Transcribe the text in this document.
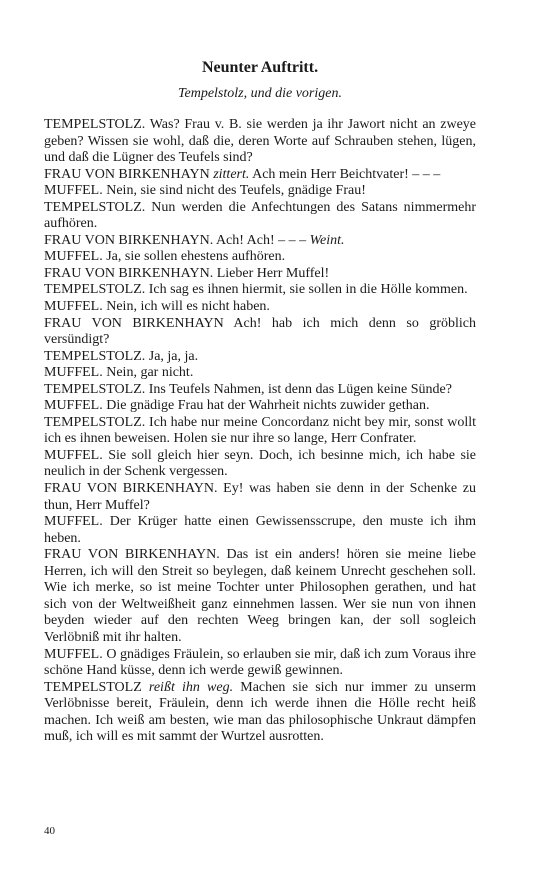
Neunter Auftritt.
Tempelstolz, und die vorigen.

TEMPELSTOLZ. Was? Frau v. B. sie werden ja ihr Jawort nicht an zweye geben? Wissen sie wohl, daß die, deren Worte auf Schrauben stehen, lügen, und daß die Lügner des Teufels sind?

FRAU VON BIRKENHAYN zittert. Ach mein Herr Beichtvater! – – –

MUFFEL. Nein, sie sind nicht des Teufels, gnädige Frau!

TEMPELSTOLZ. Nun werden die Anfechtungen des Satans nimmermehr aufhören.

FRAU VON BIRKENHAYN. Ach! Ach! – – – Weint.

MUFFEL. Ja, sie sollen ehestens aufhören.

FRAU VON BIRKENHAYN. Lieber Herr Muffel!

TEMPELSTOLZ. Ich sag es ihnen hiermit, sie sollen in die Hölle kommen.

MUFFEL. Nein, ich will es nicht haben.

FRAU VON BIRKENHAYN Ach! hab ich mich denn so gröblich versündigt?

TEMPELSTOLZ. Ja, ja, ja.

MUFFEL. Nein, gar nicht.

TEMPELSTOLZ. Ins Teufels Nahmen, ist denn das Lügen keine Sünde?

MUFFEL. Die gnädige Frau hat der Wahrheit nichts zuwider gethan.

TEMPELSTOLZ. Ich habe nur meine Concordanz nicht bey mir, sonst wollt ich es ihnen beweisen. Holen sie nur ihre so lange, Herr Confrater.

MUFFEL. Sie soll gleich hier seyn. Doch, ich besinne mich, ich habe sie neulich in der Schenk vergessen.

FRAU VON BIRKENHAYN. Ey! was haben sie denn in der Schenke zu thun, Herr Muffel?

MUFFEL. Der Krüger hatte einen Gewissensscrupe, den muste ich ihm heben.

FRAU VON BIRKENHAYN. Das ist ein anders! hören sie meine liebe Herren, ich will den Streit so beylegen, daß keinem Unrecht geschehen soll. Wie ich merke, so ist meine Tochter unter Philosophen gerathen, und hat sich von der Weltweißheit ganz einnehmen lassen. Wer sie nun von ihnen beyden wieder auf den rechten Weeg bringen kan, der soll sogleich Verlöbniß mit ihr halten.

MUFFEL. O gnädiges Fräulein, so erlauben sie mir, daß ich zum Voraus ihre schöne Hand küsse, denn ich werde gewiß gewinnen.

TEMPELSTOLZ reißt ihn weg. Machen sie sich nur immer zu unserm Verlöbnisse bereit, Fräulein, denn ich werde ihnen die Hölle recht heiß machen. Ich weiß am besten, wie man das philosophische Unkraut dämpfen muß, ich will es mit sammt der Wurtzel ausrotten.

40
